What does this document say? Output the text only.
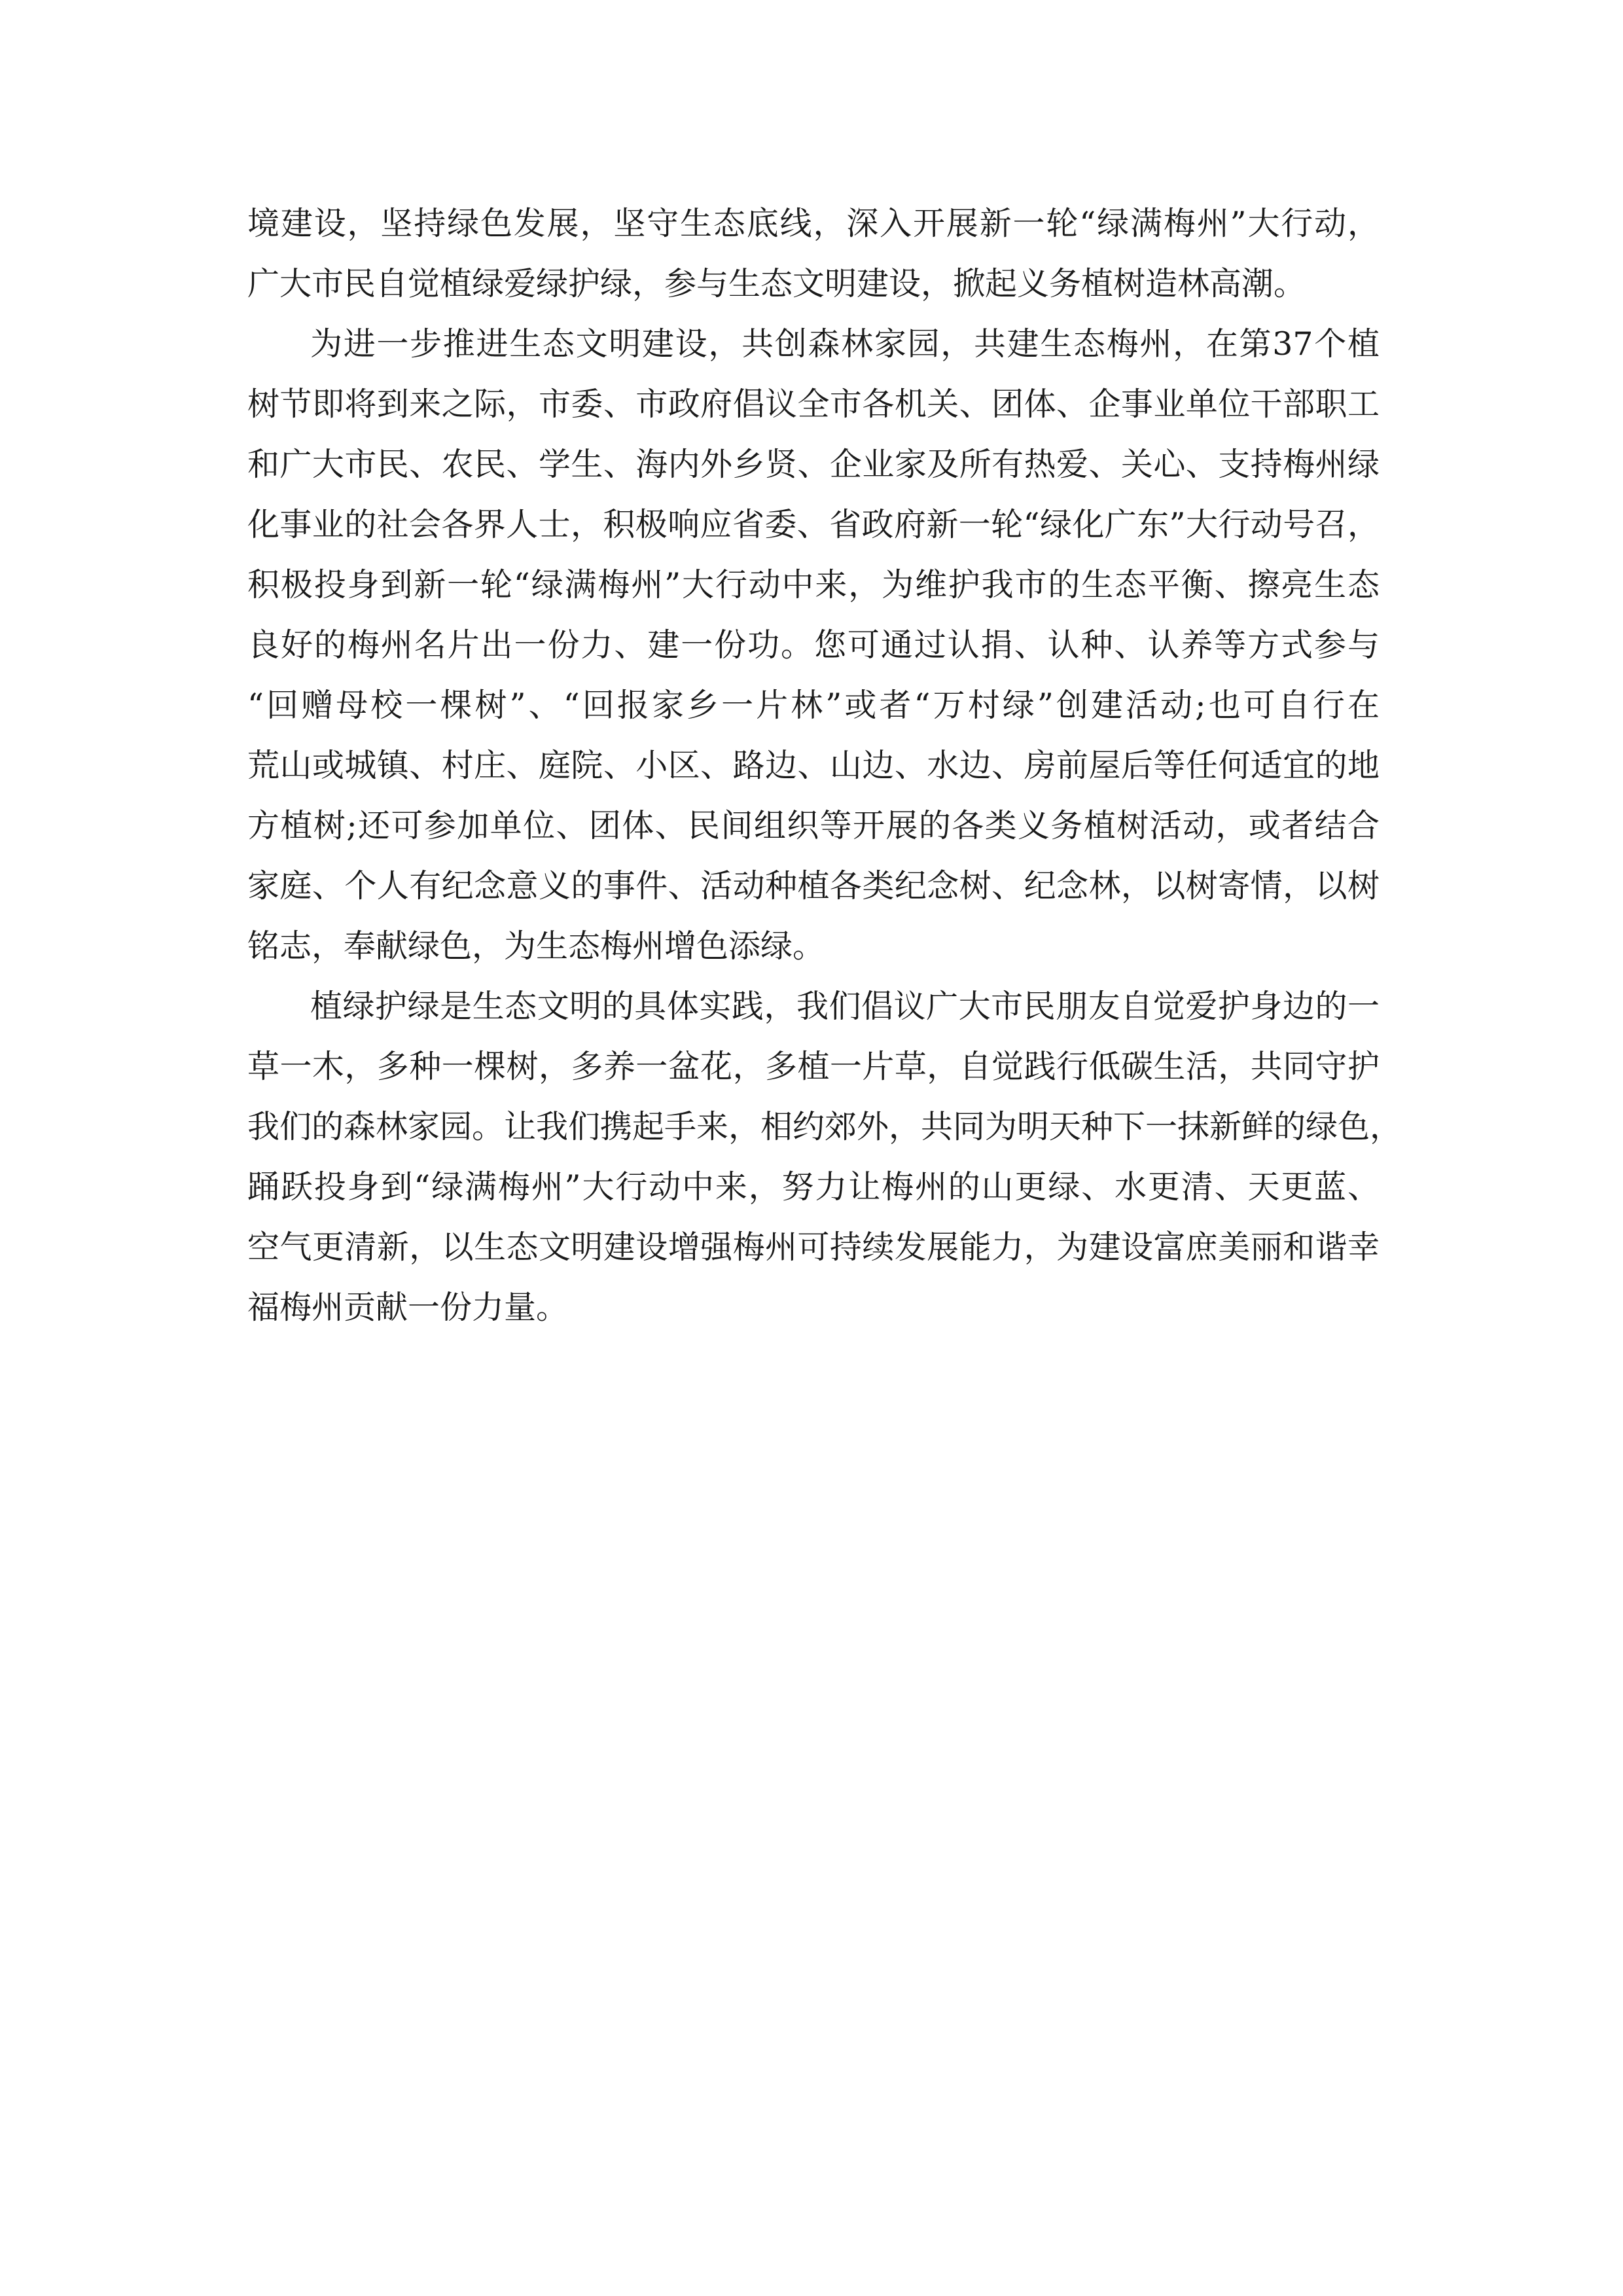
境建设，坚持绿色发展，坚守生态底线，深入开展新一轮“绿满梅州”大行动，
广大市民自觉植绿爱绿护绿，参与生态文明建设，掀起义务植树造林高潮。
为进一步推进生态文明建设，共创森林家园，共建生态梅州，在第37个植
树节即将到来之际，市委、市政府倡议全市各机关、团体、企事业单位干部职工
和广大市民、农民、学生、海内外乡贤、企业家及所有热爱、关心、支持梅州绿
化事业的社会各界人士，积极响应省委、省政府新一轮“绿化广东”大行动号召，
积极投身到新一轮“绿满梅州”大行动中来，为维护我市的生态平衡、擦亮生态
良好的梅州名片出一份力、建一份功。您可通过认捐、认种、认养等方式参与
“回赠母校一棵树”、“回报家乡一片林”或者“万村绿”创建活动;也可自行在
荒山或城镇、村庄、庭院、小区、路边、山边、水边、房前屋后等任何适宜的地
方植树;还可参加单位、团体、民间组织等开展的各类义务植树活动，或者结合
家庭、个人有纪念意义的事件、活动种植各类纪念树、纪念林，以树寄情，以树
铭志，奉献绿色，为生态梅州增色添绿。
植绿护绿是生态文明的具体实践，我们倡议广大市民朋友自觉爱护身边的一
草一木，多种一棵树，多养一盆花，多植一片草，自觉践行低碳生活，共同守护
我们的森林家园。让我们携起手来，相约郊外，共同为明天种下一抹新鲜的绿色，
踊跃投身到“绿满梅州”大行动中来，努力让梅州的山更绿、水更清、天更蓝、
空气更清新，以生态文明建设增强梅州可持续发展能力，为建设富庶美丽和谐幸
福梅州贡献一份力量。
